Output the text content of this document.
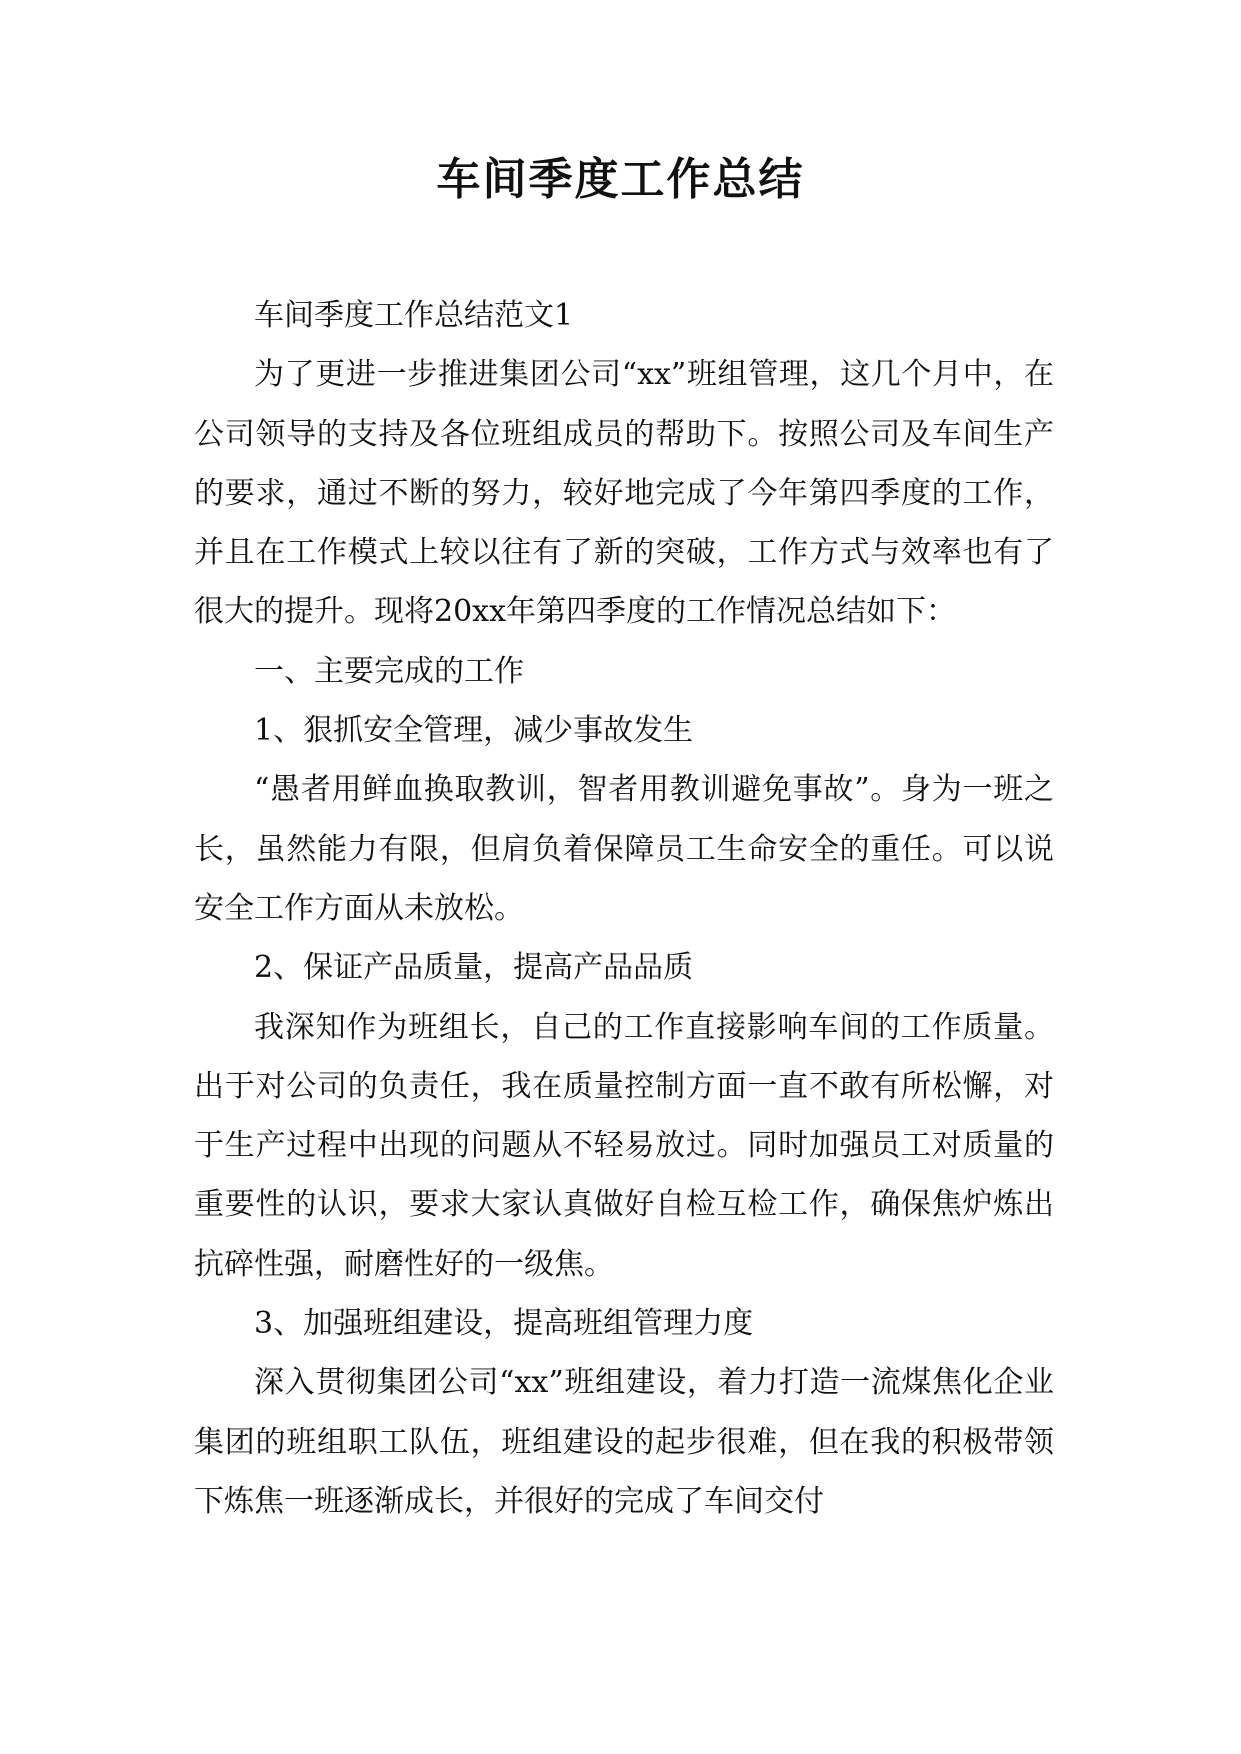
车间季度工作总结

车间季度工作总结范文1

为了更进一步推进集团公司“xx”班组管理，这几个月中，在公司领导的支持及各位班组成员的帮助下。按照公司及车间生产的要求，通过不断的努力，较好地完成了今年第四季度的工作，并且在工作模式上较以往有了新的突破，工作方式与效率也有了很大的提升。现将20xx年第四季度的工作情况总结如下：

一、主要完成的工作

1、狠抓安全管理，减少事故发生

“愚者用鲜血换取教训，智者用教训避免事故”。身为一班之长，虽然能力有限，但肩负着保障员工生命安全的重任。可以说安全工作方面从未放松。

2、保证产品质量，提高产品品质

我深知作为班组长，自己的工作直接影响车间的工作质量。出于对公司的负责任，我在质量控制方面一直不敢有所松懈，对于生产过程中出现的问题从不轻易放过。同时加强员工对质量的重要性的认识，要求大家认真做好自检互检工作，确保焦炉炼出抗碎性强，耐磨性好的一级焦。

3、加强班组建设，提高班组管理力度

深入贯彻集团公司“xx”班组建设，着力打造一流煤焦化企业集团的班组职工队伍，班组建设的起步很难，但在我的积极带领下炼焦一班逐渐成长，并很好的完成了车间交付
